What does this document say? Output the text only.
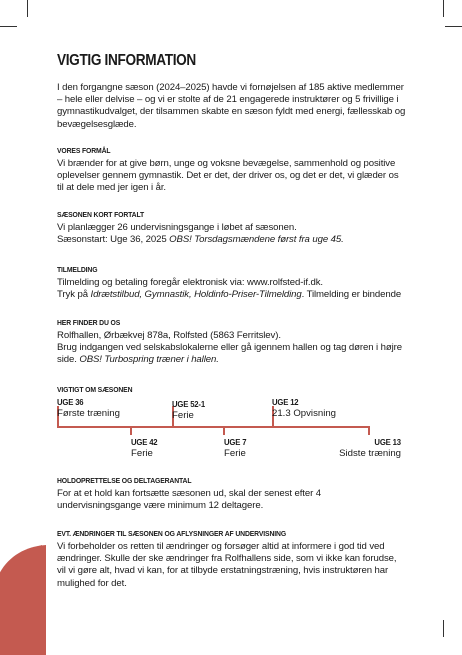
VIGTIG INFORMATION
I den forgangne sæson (2024–2025) havde vi fornøjelsen af 185 aktive medlemmer – hele eller delvise – og vi er stolte af de 21 engagerede instruktører og 5 frivillige i gymnastikudvalget, der tilsammen skabte en sæson fyldt med energi, fællesskab og bevægelsesglæde.
VORES FORMÅL

Vi brænder for at give børn, unge og voksne bevægelse, sammenhold og positive oplevelser gennem gymnastik. Det er det, der driver os, og det er det, vi glæder os til at dele med jer igen i år.

SÆSONEN KORT FORTALT

Vi planlægger 26 undervisningsgange i løbet af sæsonen.
Sæsonstart: Uge 36, 2025 OBS! Torsdagsmændene først fra uge 45.

TILMELDING

Tilmelding og betaling foregår elektronisk via: www.rolfsted-if.dk.
Tryk på Idrætstilbud, Gymnastik, Holdinfo-Priser-Tilmelding. Tilmelding er bindende

HER FINDER DU OS

Rolfhallen, Ørbækvej 878a, Rolfsted (5863 Ferritslev).
Brug indgangen ved selskabslokalerne eller gå igennem hallen og tag døren i højre side. OBS! Turbospring træner i hallen.

VIGTIGT OM SÆSONEN
UGE 36
Første træning
UGE 52-1
Ferie
UGE 12
21.3 Opvisning
UGE 42
Ferie
UGE 7
Ferie
UGE 13
Sidste træning
HOLDOPRETTELSE OG DELTAGERANTAL

For at et hold kan fortsætte sæsonen ud, skal der senest efter 4 undervisningsgange være minimum 12 deltagere.

EVT. ÆNDRINGER TIL SÆSONEN OG AFLYSNINGER AF UNDERVISNING

Vi forbeholder os retten til ændringer og forsøger altid at informere i god tid ved ændringer. Skulle der ske ændringer fra Rolfhallens side, som vi ikke kan forudse, vil vi gøre alt, hvad vi kan, for at tilbyde erstatningstræning, hvis instruktøren har mulighed for det.
